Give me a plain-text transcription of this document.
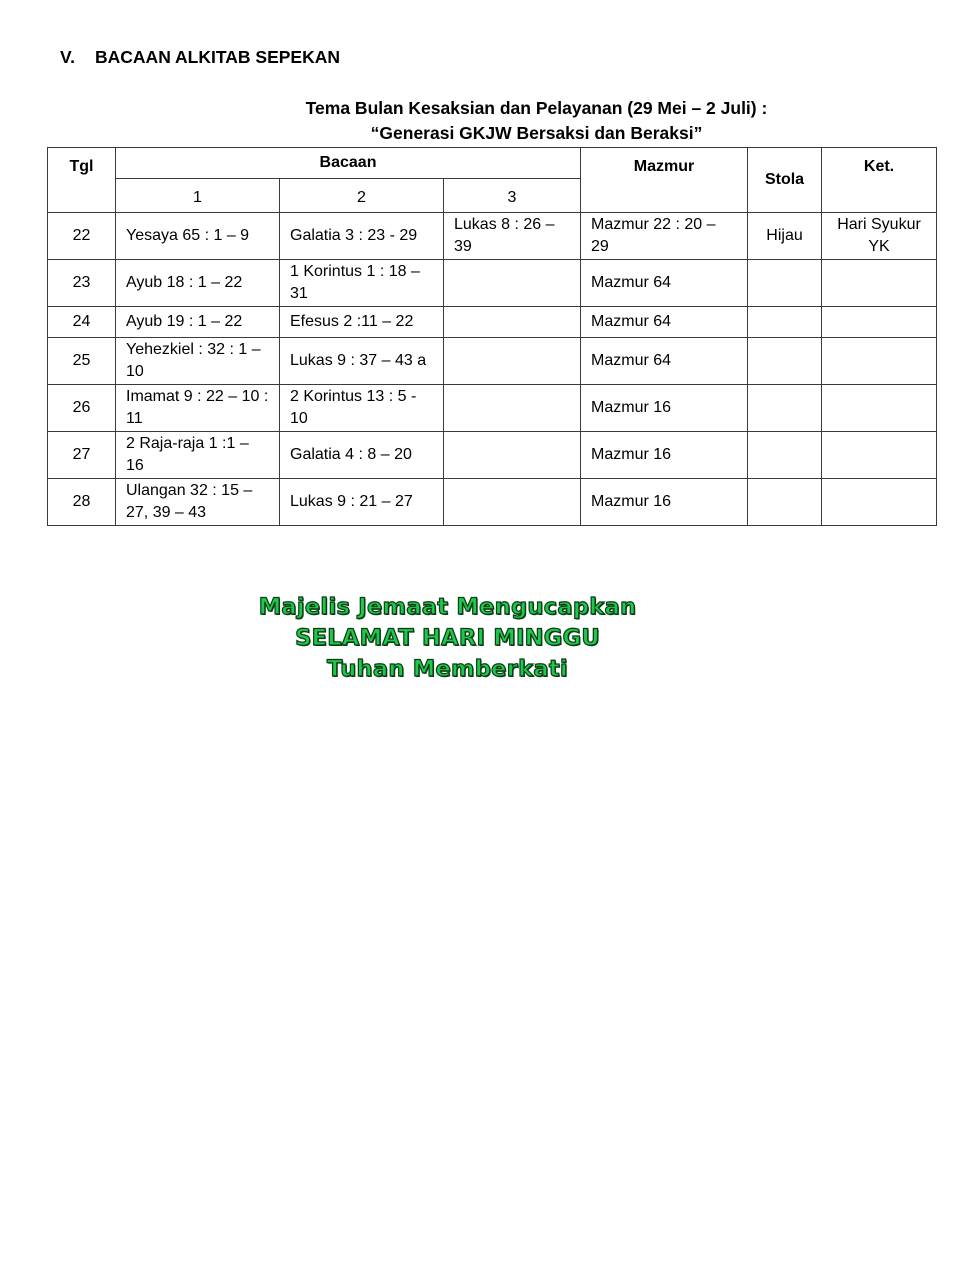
V. BACAAN ALKITAB SEPEKAN
Tema Bulan Kesaksian dan Pelayanan (29 Mei – 2 Juli) :
“Generasi GKJW Bersaksi dan Beraksi”
Tgl	Bacaan			Mazmur	Stola	Ket.
	1	2	3			
22	Yesaya 65 : 1 – 9	Galatia 3 : 23 - 29	Lukas 8 : 26 – 39	Mazmur 22 : 20 – 29	Hijau	Hari Syukur YK
23	Ayub 18 : 1 – 22	1 Korintus 1 : 18 – 31		Mazmur 64		
24	Ayub 19 : 1 – 22	Efesus 2 :11 – 22		Mazmur 64		
25	Yehezkiel : 32 : 1 – 10	Lukas 9 : 37 – 43 a		Mazmur 64		
26	Imamat 9 : 22 – 10 : 11	2 Korintus 13 : 5 - 10		Mazmur 16		
27	2 Raja-raja 1 :1 – 16	Galatia 4 : 8 – 20		Mazmur 16		
28	Ulangan 32 : 15 – 27, 39 – 43	Lukas 9 : 21 – 27		Mazmur 16		
Majelis Jemaat Mengucapkan
SELAMAT HARI MINGGU
Tuhan Memberkati
